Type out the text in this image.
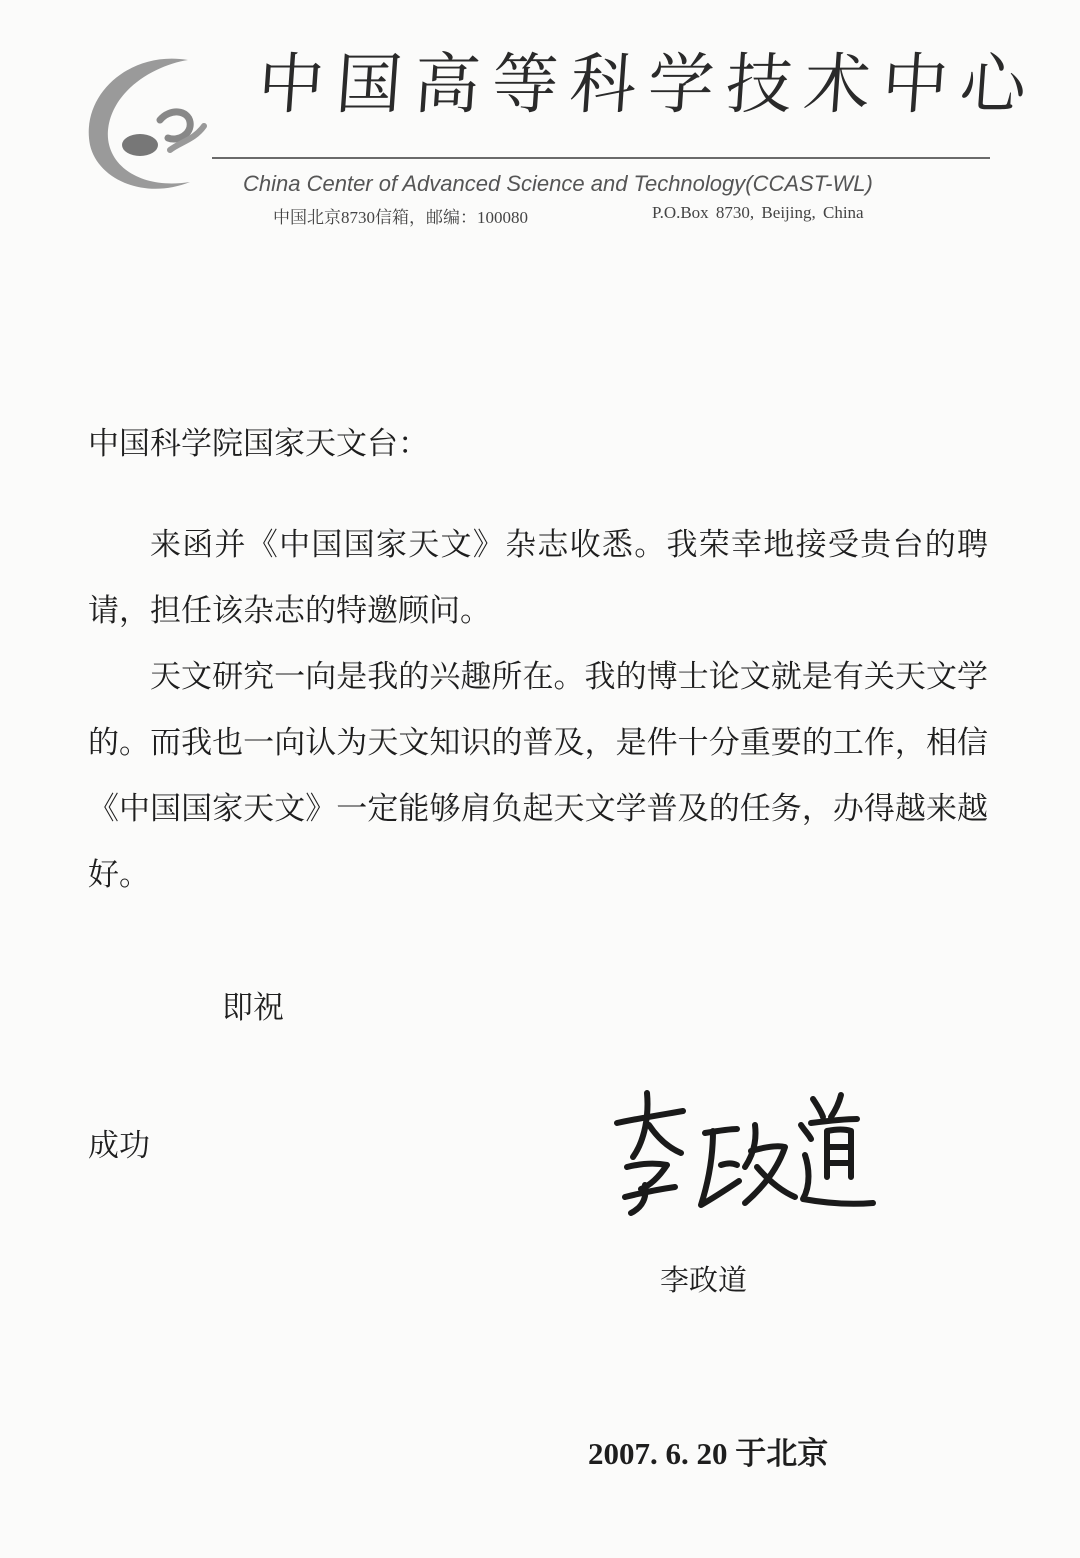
中国高等科学技术中心
China Center of Advanced Science and Technology(CCAST-WL)
中国北京8730信箱，邮编：100080	P.O.Box 8730, Beijing, China
中国科学院国家天文台：

来函并《中国国家天文》杂志收悉。我荣幸地接受贵台的聘请，担任该杂志的特邀顾问。

天文研究一向是我的兴趣所在。我的博士论文就是有关天文学的。而我也一向认为天文知识的普及，是件十分重要的工作，相信《中国国家天文》一定能够肩负起天文学普及的任务，办得越来越好。

即祝
成功
李政道
2007. 6. 20 于北京
